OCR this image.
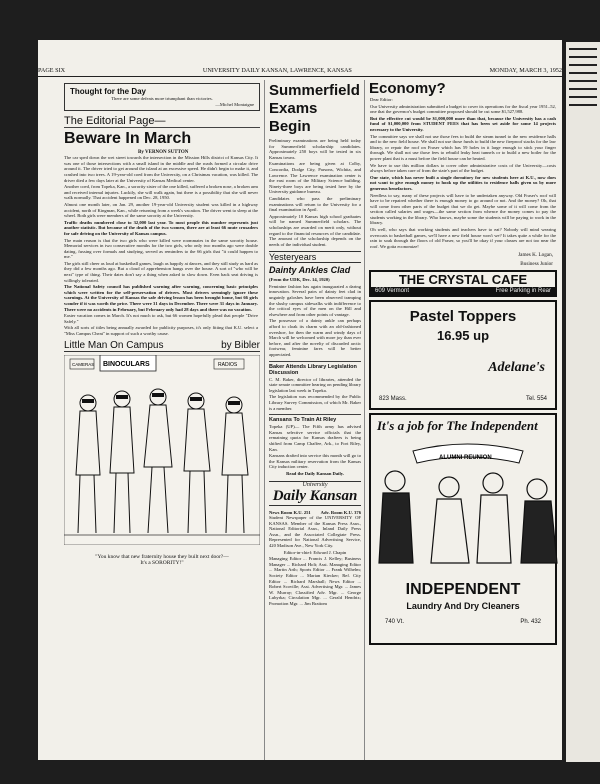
PAGE SIX	UNIVERSITY DAILY KANSAN, LAWRENCE, KANSAS	MONDAY, MARCH 3, 1952
Thought for the Day
There are some defeats more triumphant than victories.
—Michel Montaigne
The Editorial Page—
Beware In March
By VERNON SUTTON

The car sped down the wet street towards the intersection in the Mission Hills district of Kansas City. It was one of those intersections with a small island in the middle and the roads formed a circular drive around it. The driver tried to get around the island at an excessive speed. He didn't begin to make it, and crashed into two trees. A 19-year-old coed from the University, on a Christmas vacation, was killed. The driver died a few days later at the University of Kansas Medical center.

Another coed, from Topeka, Kan., a sorority sister of the one killed, suffered a broken nose, a broken arm and received internal injuries. Luckily, she will walk again, but there is a possibility that she will never walk normally. That accident happened on Dec. 28, 1950.

Almost one month later, on Jan. 29, another 19-year-old University student was killed in a highway accident, north of Kingman, Kan., while returning from a week's vacation. The driver went to sleep at the wheel. Both girls were members of the same sorority at the University.

Traffic deaths numbered close to 32,000 last year. To most people this number represents just another statistic. But because of the death of the two women, there are at least 66 mute crusaders for safe driving on the University of Kansas campus.

The main reason is that the two girls who were killed were roommates in the same sorority house. Memorial services in two consecutive months for the two girls, who only two months ago were double dating, fussing over formals and studying, served as reminders to the 66 girls that "it could happen to me."

The girls still cheer as loud at basketball games, laugh as happily at dances, and they still study as hard as they did a few months ago. But a cloud of apprehension hangs over the house. A sort of "who will be next" type of thing. Their dates don't say a thing when asked to slow down. Even back seat driving is willingly tolerated.

The National Safety council has published warning after warning, concerning basic principles which were written for the self-preservation of drivers. Most drivers seemingly ignore these warnings. At the University of Kansas the safe driving lesson has been brought home, but 66 girls wonder if it was worth the price. There were 31 days in December. There were 31 days in January. There were no accidents in February, but February only had 28 days and there was no vacation.

Easter vacation comes in March. It's not much to ask, but 66 women hopefully plead that people "Drive Safely."

With all sorts of titles being annually awarded for publicity purposes, it's only fitting that K.U. select a "Miss Campus Cheat" in support of such a worthy cause.

Little Man On Campus	by Bibler
CAMERAS BINOCULARS	RADIOS
"You know that new fraternity house they built next door?—
It's a SORORITY!"
Summerfield Exams Begin

Preliminary examinations are being held today for Summerfield scholarship candidates. Approximately 250 boys will be tested in six Kansas towns.

Examinations are being given at Colby, Concordia, Dodge City, Parsons, Wichita, and Lawrence. The Lawrence examination center is the east room of the Military Science building. Ninety-three boys are being tested here by the University guidance bureau.

Candidates who pass the preliminary examinations will return to the University for a final examination in April.

Approximately 10 Kansas high school graduates will be named Summerfield scholars. The scholarships are awarded on merit only, without regard to the financial resources of the candidate. The amount of the scholarship depends on the needs of the individual student.

Yesteryears
Dainty Ankles Clad

(From the UDK, Dec. 14, 1920)

Feminine fashion has again inaugurated a daring innovation. Several pairs of dainty feet clad in ungainly galoshes have been observed tramping the slushy campus sidewalks with indifference to the critical eyes of the men on the Hill and elsewhere and from other points of vantage.

The possessor of a dainty ankle can perhaps afford to cloak its charm with an old-fashioned overshoe, for then the warm and windy days of March will be welcomed with more joy than ever before, and after the novelty of discarded arctic footwear, feminine fares will be better appreciated.

Baker Attends Library Legislation Discussion

C. M. Baker, director of libraries, attended the state senate committee hearing on pending library legislation last week in Topeka.

The legislation was recommended by the Public Library Survey Commission, of which Mr. Baker is a member.

Kansans To Train At Riley

Topeka (UP)— The Fifth army has advised Kansas selective service officials that the remaining quota for Kansas draftees is being shifted from Camp Chaffee, Ark., to Fort Riley, Kan.

Kansans drafted into service this month will go to the Kansas military reservation from the Kansas City induction center.

Read the Daily Kansan Daily.

University
Daily Kansan
News Room K.U. 251 Adv. Room K.U. 376

Student Newspaper of the UNIVERSITY OF KANSAS. Member of the Kansas Press Assn., National Editorial Assn., Inland Daily Press Assn., and the Associated Collegiate Press. Represented for National Advertising Service, 420 Madison Ave., New York City.

Editor-in-chief: Edward J. Chapin

Managing Editor ... Francis J. Kelley; Business Manager ... Richard Holt; Asst. Managing Editor ... Martin Arth; Sports Editor ... Frank Wilhelm; Society Editor ... Marian Kiecker; Ref. City Editor ... Richard Marshall; News Editor ... Robert Scoville; Asst. Advertising Mgr. ... James W. Murray; Classified Adv. Mgr. ... George Lubyrka; Circulation Mgr. ... Gerald Hendrix; Promotion Mgr. ... Jim Braitom

Economy?

Dear Editor:

Our University administration submitted a budget to cover its operations for the fiscal year 1951–52, one that the governor's budget committee proposed should be cut some $1,527,988.

But the effective cut would be $1,000,000 more than that, because the University has a cash fund of $1,000,000 from STUDENT FEES that has been set aside for some 14 projects necessary to the University.

The committee says we shall not use those fees to build the steam tunnel to the new residence halls and to the new field house. We shall not use those funds to build the new fireproof stacks for the law library, or repair the roof on Fraser which has 59 holes in it large enough to stick your finger through. We shall not use those fees to rebuild leaky heat tunnels or to build a new boiler for the power plant that is a must before the field house can be heated.

We have to use this million dollars to cover other administrative costs of the University—costs always before taken care of from the state's part of the budget.

Our state, which has never built a single dormitory for new students here at K.U., now does not want to give enough money to hook up the utilities to residence halls given us by more generous benefactors.

Needless to say, many of these projects will have to be undertaken anyway. Old Fraser's roof will have to be repaired whether there is enough money to go around or not. And the money? Oh, that will come from other parts of the budget that we do get. Maybe some of it will come from the section called salaries and wages—the same section from whence the money comes to pay the students working in the library. Who knows, maybe some the students will be paying to work in the library.

Oh well, who says that working students and teachers have to eat? Nobody will mind wearing overcoats to basketball games, we'll have a new field house won't we? It takes quite a while for the rain to soak through the floors of old Fraser, so you'll be okay if your classes are not too near the roof. We gotta economize!

James K. Logan,
Business Junior
THE CRYSTAL CAFE
609 Vermont	Free Parking in Rear
Pastel Toppers
16.95 up
Adelane's
823 Mass.	Tel. 554
It's a job for The Independent
ALUMNI REUNION
INDEPENDENT
Laundry And Dry Cleaners
740 Vt.	Ph. 432
